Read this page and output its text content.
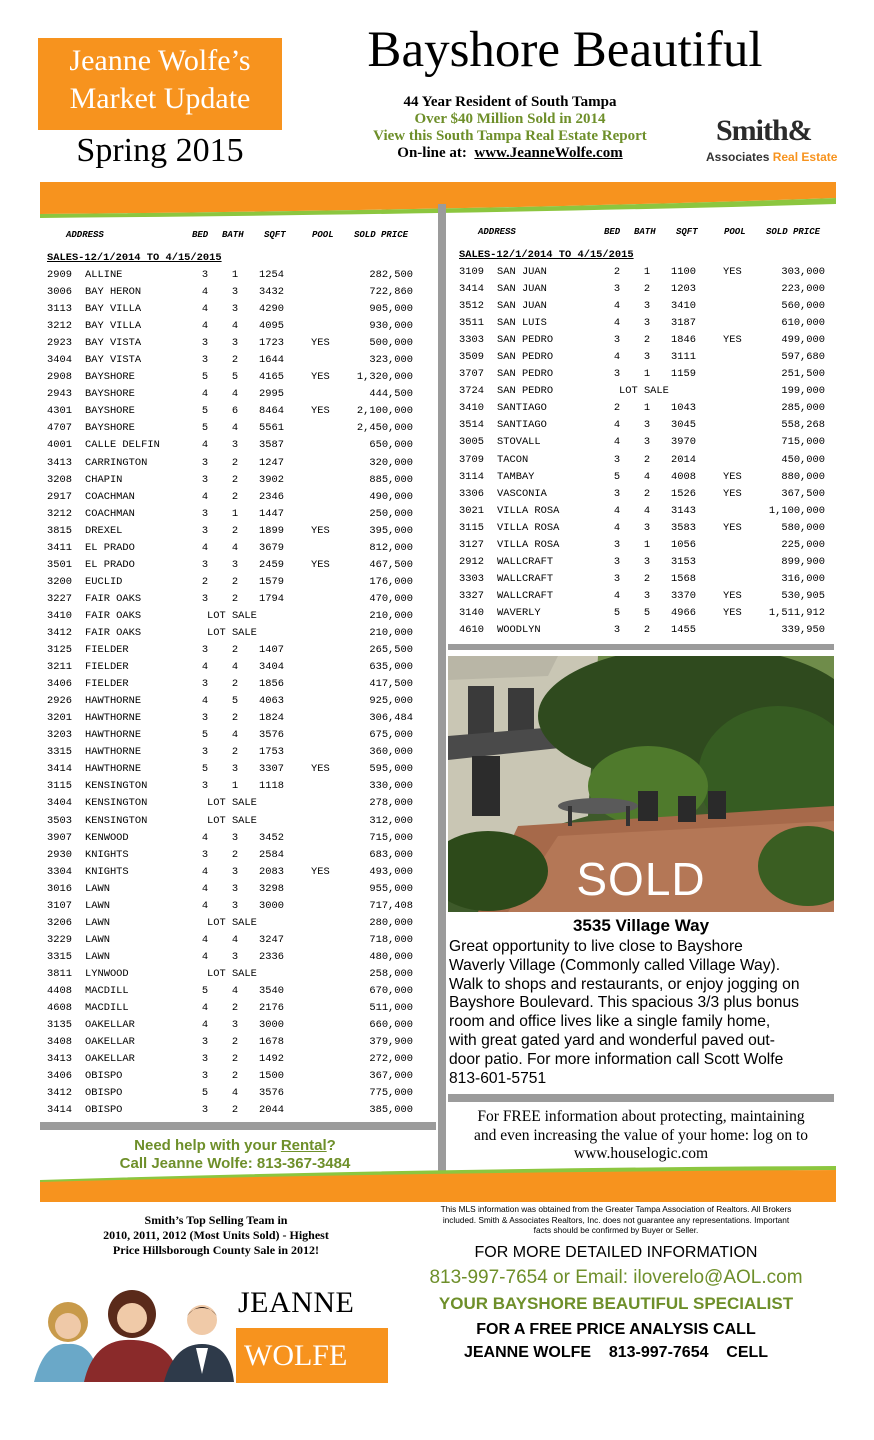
Jeanne Wolfe’s
Market Update
Spring 2015
Bayshore Beautiful
44 Year Resident of South Tampa
Over $40 Million Sold in 2014
View this South Tampa Real Estate Report
On-line at: www.JeanneWolfe.com
Smith&
Associates Real Estate
ADDRESS	BED BATH SQFT	POOL SOLD PRICE
SALES-12/1/2014 TO 4/15/2015
2909 ALLINE	3	1	1254	282,500
3006 BAY HERON	4	3	3432	722,860
3113 BAY VILLA	4	3	4290	905,000
3212 BAY VILLA	4	4	4095	930,000
2923 BAY VISTA	3	3	1723	YES	500,000
3404 BAY VISTA	3	2	1644	323,000
2908 BAYSHORE	5	5	4165	YES	1,320,000
2943 BAYSHORE	4	4	2995	444,500
4301 BAYSHORE	5	6	8464	YES	2,100,000
4707 BAYSHORE	5	4	5561	2,450,000
4001 CALLE DELFIN	4	3	3587	650,000
3413 CARRINGTON	3	2	1247	320,000
3208 CHAPIN	3	2	3902	885,000
2917 COACHMAN	4	2	2346	490,000
3212 COACHMAN	3	1	1447	250,000
3815 DREXEL	3	2	1899	YES	395,000
3411 EL PRADO	4	4	3679	812,000
3501 EL PRADO	3	3	2459	YES	467,500
3200 EUCLID	2	2	1579	176,000
3227 FAIR OAKS	3	2	1794	470,000
3410 FAIR OAKS	LOT SALE	210,000
3412 FAIR OAKS	LOT SALE	210,000
3125 FIELDER	3	2	1407	265,500
3211 FIELDER	4	4	3404	635,000
3406 FIELDER	3	2	1856	417,500
2926 HAWTHORNE	4	5	4063	925,000
3201 HAWTHORNE	3	2	1824	306,484
3203 HAWTHORNE	5	4	3576	675,000
3315 HAWTHORNE	3	2	1753	360,000
3414 HAWTHORNE	5	3	3307	YES	595,000
3115 KENSINGTON	3	1	1118	330,000
3404 KENSINGTON	LOT SALE	278,000
3503 KENSINGTON	LOT SALE	312,000
3907 KENWOOD	4	3	3452	715,000
2930 KNIGHTS	3	2	2584	683,000
3304 KNIGHTS	4	3	2083	YES	493,000
3016 LAWN	4	3	3298	955,000
3107 LAWN	4	3	3000	717,408
3206 LAWN	LOT SALE	280,000
3229 LAWN	4	4	3247	718,000
3315 LAWN	4	3	2336	480,000
3811 LYNWOOD	LOT SALE	258,000
4408 MACDILL	5	4	3540	670,000
4608 MACDILL	4	2	2176	511,000
3135 OAKELLAR	4	3	3000	660,000
3408 OAKELLAR	3	2	1678	379,900
3413 OAKELLAR	3	2	1492	272,000
3406 OBISPO	3	2	1500	367,000
3412 OBISPO	5	4	3576	775,000
3414 OBISPO	3	2	2044	385,000
ADDRESS	BED BATH SQFT	POOL SOLD PRICE
SALES-12/1/2014 TO 4/15/2015
3109 SAN JUAN	2	1	1100	YES	303,000
3414 SAN JUAN	3	2	1203	223,000
3512 SAN JUAN	4	3	3410	560,000
3511 SAN LUIS	4	3	3187	610,000
3303 SAN PEDRO	3	2	1846	YES	499,000
3509 SAN PEDRO	4	3	3111	597,680
3707 SAN PEDRO	3	1	1159	251,500
3724 SAN PEDRO	LOT SALE	199,000
3410 SANTIAGO	2	1	1043	285,000
3514 SANTIAGO	4	3	3045	558,268
3005 STOVALL	4	3	3970	715,000
3709 TACON	3	2	2014	450,000
3114 TAMBAY	5	4	4008	YES	880,000
3306 VASCONIA	3	2	1526	YES	367,500
3021 VILLA ROSA	4	4	3143	1,100,000
3115 VILLA ROSA	4	3	3583	YES	580,000
3127 VILLA ROSA	3	1	1056	225,000
2912 WALLCRAFT	3	3	3153	899,900
3303 WALLCRAFT	3	2	1568	316,000
3327 WALLCRAFT	4	3	3370	YES	530,905
3140 WAVERLY	5	5	4966	YES	1,511,912
4610 WOODLYN	3	2	1455	339,950
SOLD
3535 Village Way
Great opportunity to live close to Bayshore
Waverly Village (Commonly called Village Way).
Walk to shops and restaurants, or enjoy jogging on
Bayshore Boulevard. This spacious 3/3 plus bonus
room and office lives like a single family home,
with great gated yard and wonderful paved out-
door patio. For more information call Scott Wolfe
813-601-5751
For FREE information about protecting, maintaining
and even increasing the value of your home: log on to
www.houselogic.com
Need help with your Rental?
Call Jeanne Wolfe: 813-367-3484
Smith’s Top Selling Team in
2010, 2011, 2012 (Most Units Sold) - Highest
Price Hillsborough County Sale in 2012!
This MLS information was obtained from the Greater Tampa Association of Realtors. All Brokers
included. Smith & Associates Realtors, Inc. does not guarantee any representations. Important
facts should be confirmed by Buyer or Seller.
FOR MORE DETAILED INFORMATION
813-997-7654 or Email: iloverelo@AOL.com
YOUR BAYSHORE BEAUTIFUL SPECIALIST
FOR A FREE PRICE ANALYSIS CALL
JEANNE WOLFE    813-997-7654    CELL
JEANNE
WOLFE
